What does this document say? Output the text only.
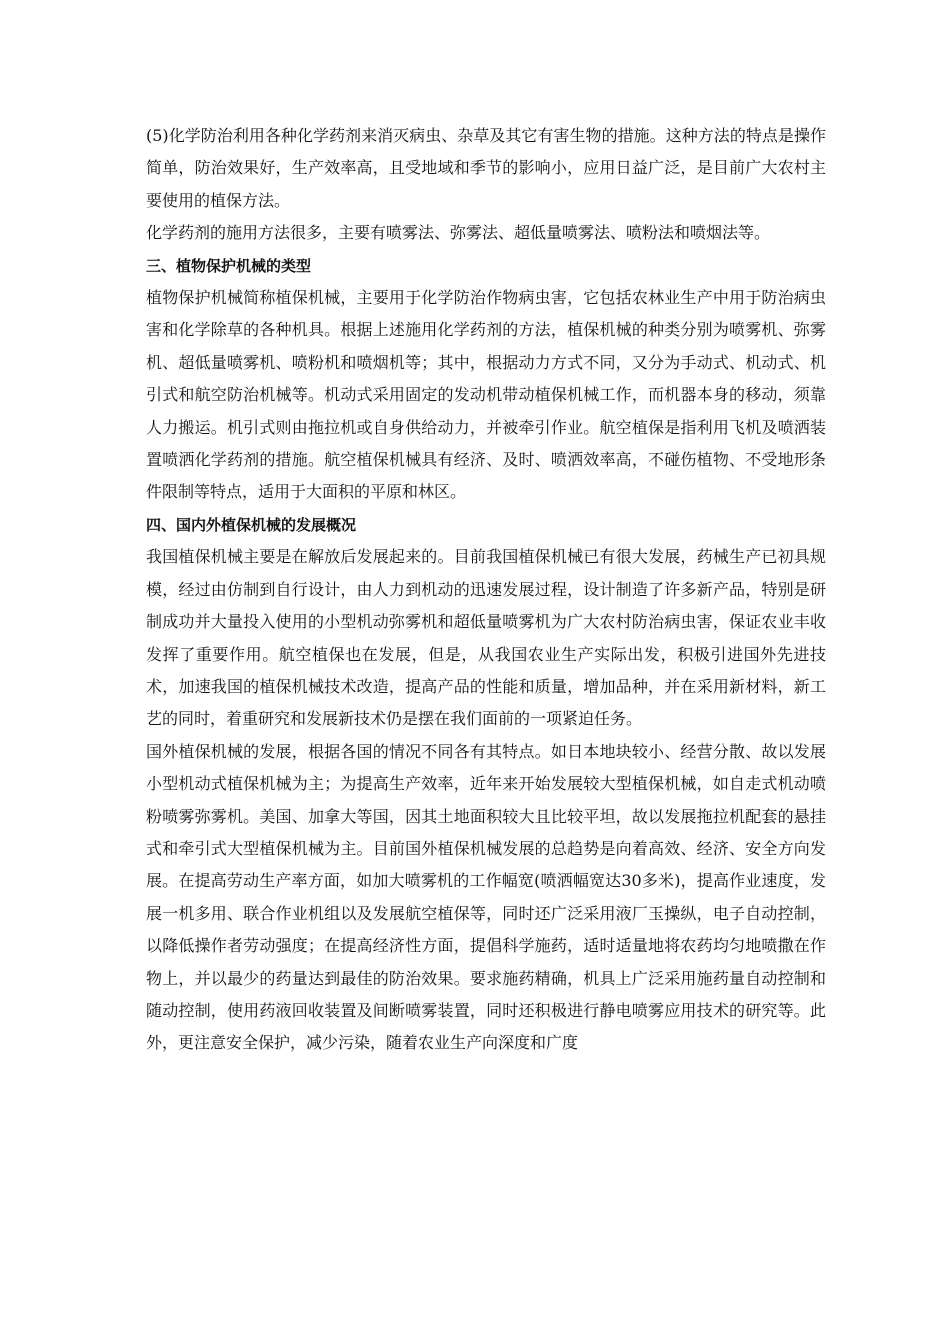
(5)化学防治利用各种化学药剂来消灭病虫、杂草及其它有害生物的措施。这种方法的特点是操作简单，防治效果好，生产效率高，且受地域和季节的影响小，应用日益广泛，是目前广大农村主要使用的植保方法。

化学药剂的施用方法很多，主要有喷雾法、弥雾法、超低量喷雾法、喷粉法和喷烟法等。

三、植物保护机械的类型

植物保护机械简称植保机械，主要用于化学防治作物病虫害，它包括农林业生产中用于防治病虫害和化学除草的各种机具。根据上述施用化学药剂的方法，植保机械的种类分别为喷雾机、弥雾机、超低量喷雾机、喷粉机和喷烟机等；其中，根据动力方式不同，又分为手动式、机动式、机引式和航空防治机械等。机动式采用固定的发动机带动植保机械工作，而机器本身的移动，须靠人力搬运。机引式则由拖拉机或自身供给动力，并被牵引作业。航空植保是指利用飞机及喷洒装置喷洒化学药剂的措施。航空植保机械具有经济、及时、喷洒效率高，不碰伤植物、不受地形条件限制等特点，适用于大面积的平原和林区。

四、国内外植保机械的发展概况

我国植保机械主要是在解放后发展起来的。目前我国植保机械已有很大发展，药械生产已初具规模，经过由仿制到自行设计，由人力到机动的迅速发展过程，设计制造了许多新产品，特别是研制成功并大量投入使用的小型机动弥雾机和超低量喷雾机为广大农村防治病虫害，保证农业丰收发挥了重要作用。航空植保也在发展，但是，从我国农业生产实际出发，积极引进国外先进技术，加速我国的植保机械技术改造，提高产品的性能和质量，增加品种，并在采用新材料，新工艺的同时，着重研究和发展新技术仍是摆在我们面前的一项紧迫任务。

国外植保机械的发展，根据各国的情况不同各有其特点。如日本地块较小、经营分散、故以发展小型机动式植保机械为主；为提高生产效率，近年来开始发展较大型植保机械，如自走式机动喷粉喷雾弥雾机。美国、加拿大等国，因其土地面积较大且比较平坦，故以发展拖拉机配套的悬挂式和牵引式大型植保机械为主。目前国外植保机械发展的总趋势是向着高效、经济、安全方向发展。在提高劳动生产率方面，如加大喷雾机的工作幅宽(喷洒幅宽达30多米)，提高作业速度，发展一机多用、联合作业机组以及发展航空植保等，同时还广泛采用液厂玉操纵，电子自动控制，以降低操作者劳动强度；在提高经济性方面，提倡科学施药，适时适量地将农药均匀地喷撒在作物上，并以最少的药量达到最佳的防治效果。要求施药精确，机具上广泛采用施药量自动控制和随动控制，使用药液回收装置及间断喷雾装置，同时还积极进行静电喷雾应用技术的研究等。此外，更注意安全保护，减少污染，随着农业生产向深度和广度
